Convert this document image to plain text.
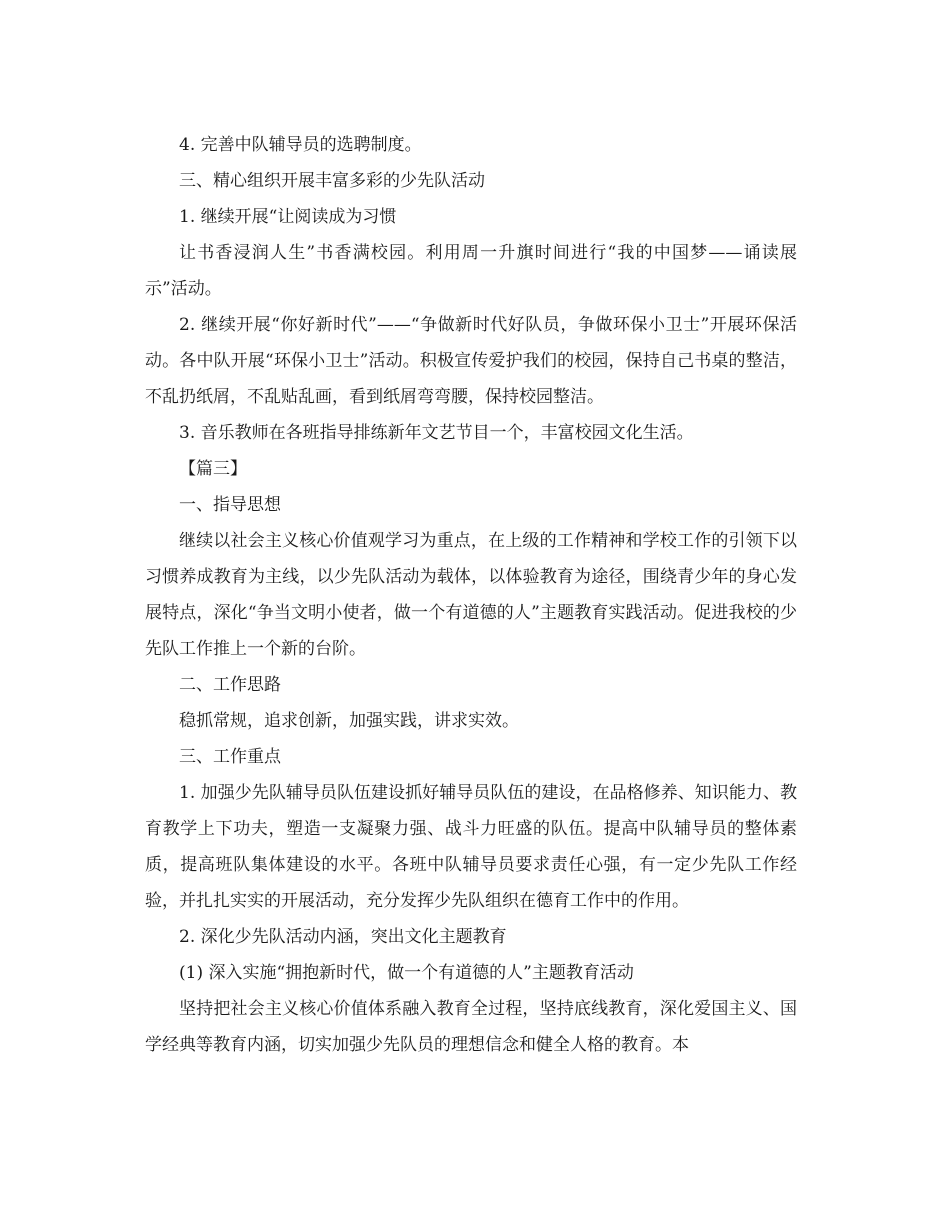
4. 完善中队辅导员的选聘制度。

三、精心组织开展丰富多彩的少先队活动

1. 继续开展“让阅读成为习惯

让书香浸润人生”书香满校园。利用周一升旗时间进行“我的中国梦——诵读展示”活动。

2. 继续开展“你好新时代”——“争做新时代好队员，争做环保小卫士”开展环保活动。各中队开展“环保小卫士”活动。积极宣传爱护我们的校园，保持自己书桌的整洁，不乱扔纸屑，不乱贴乱画，看到纸屑弯弯腰，保持校园整洁。

3. 音乐教师在各班指导排练新年文艺节目一个，丰富校园文化生活。

【篇三】

一、指导思想

继续以社会主义核心价值观学习为重点，在上级的工作精神和学校工作的引领下以习惯养成教育为主线，以少先队活动为载体，以体验教育为途径，围绕青少年的身心发展特点，深化“争当文明小使者，做一个有道德的人”主题教育实践活动。促进我校的少先队工作推上一个新的台阶。

二、工作思路

稳抓常规，追求创新，加强实践，讲求实效。

三、工作重点

1. 加强少先队辅导员队伍建设抓好辅导员队伍的建设，在品格修养、知识能力、教育教学上下功夫，塑造一支凝聚力强、战斗力旺盛的队伍。提高中队辅导员的整体素质，提高班队集体建设的水平。各班中队辅导员要求责任心强，有一定少先队工作经验，并扎扎实实的开展活动，充分发挥少先队组织在德育工作中的作用。

2. 深化少先队活动内涵，突出文化主题教育

(1) 深入实施“拥抱新时代，做一个有道德的人”主题教育活动

坚持把社会主义核心价值体系融入教育全过程，坚持底线教育，深化爱国主义、国学经典等教育内涵，切实加强少先队员的理想信念和健全人格的教育。本
